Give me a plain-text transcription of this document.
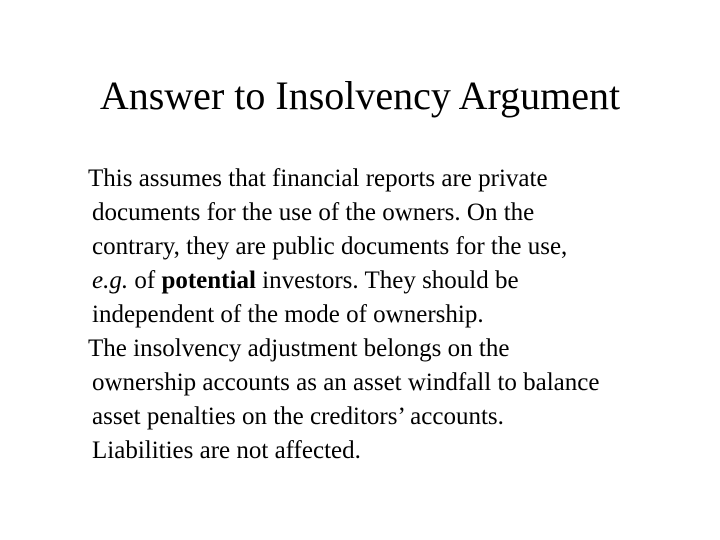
Answer to Insolvency Argument

This assumes that financial reports are private
documents for the use of the owners. On the
contrary, they are public documents for the use,
e.g. of potential investors. They should be
independent of the mode of ownership.

The insolvency adjustment belongs on the
ownership accounts as an asset windfall to balance
asset penalties on the creditors’ accounts.
Liabilities are not affected.
